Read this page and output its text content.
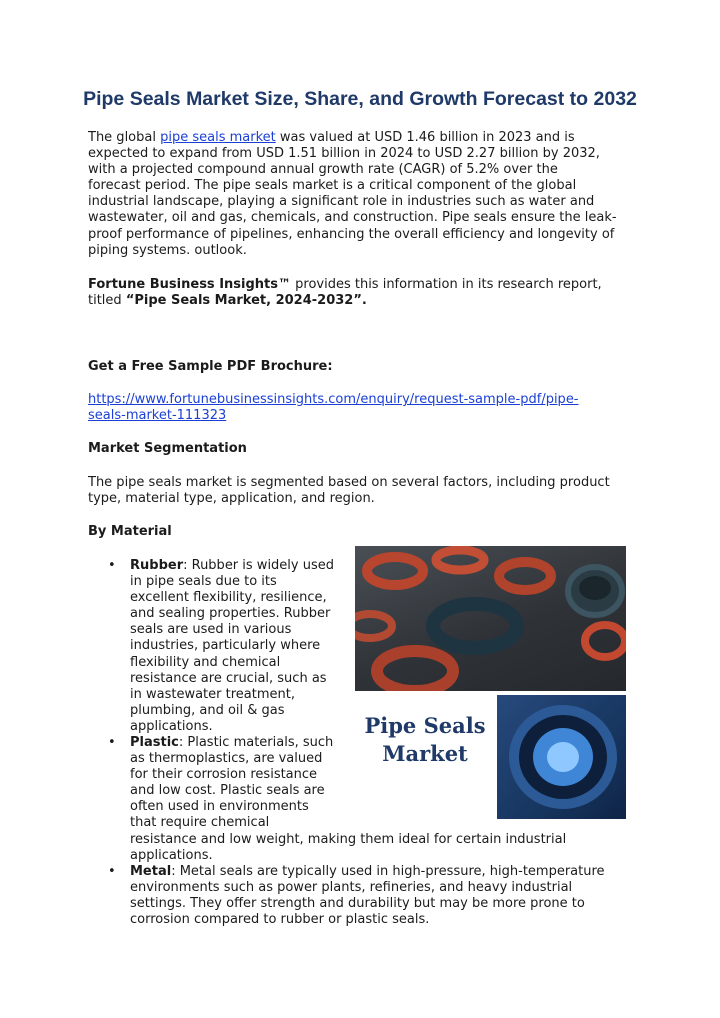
Pipe Seals Market Size, Share, and Growth Forecast to 2032
The global pipe seals market was valued at USD 1.46 billion in 2023 and is
expected to expand from USD 1.51 billion in 2024 to USD 2.27 billion by 2032,
with a projected compound annual growth rate (CAGR) of 5.2% over the
forecast period. The pipe seals market is a critical component of the global
industrial landscape, playing a significant role in industries such as water and
wastewater, oil and gas, chemicals, and construction. Pipe seals ensure the leak-
proof performance of pipelines, enhancing the overall efficiency and longevity of
piping systems. outlook.
Fortune Business Insights™ provides this information in its research report,
titled “Pipe Seals Market, 2024-2032”.
Get a Free Sample PDF Brochure:
https://www.fortunebusinessinsights.com/enquiry/request-sample-pdf/pipe-
seals-market-111323
Market Segmentation
The pipe seals market is segmented based on several factors, including product
type, material type, application, and region.
By Material
• Rubber: Rubber is widely used
in pipe seals due to its
excellent flexibility, resilience,
and sealing properties. Rubber
seals are used in various
industries, particularly where
flexibility and chemical
resistance are crucial, such as
in wastewater treatment,
plumbing, and oil & gas
applications.
• Plastic: Plastic materials, such
as thermoplastics, are valued
for their corrosion resistance
and low cost. Plastic seals are
often used in environments
that require chemical
resistance and low weight, making them ideal for certain industrial
applications.
• Metal: Metal seals are typically used in high-pressure, high-temperature
environments such as power plants, refineries, and heavy industrial
settings. They offer strength and durability but may be more prone to
corrosion compared to rubber or plastic seals.
Pipe Seals
Market
